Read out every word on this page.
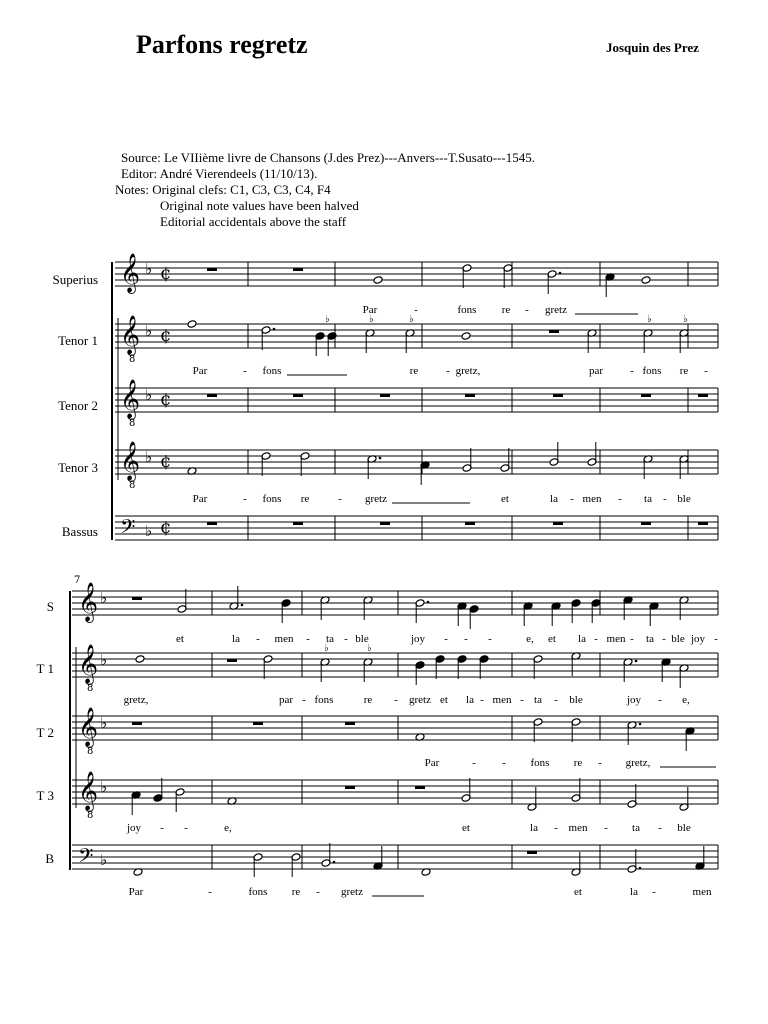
Parfons regretz	Josquin des Prez
Source: Le VIIième livre de Chansons (J.des Prez)---Anvers---T.Susato---1545.
Editor: André Vierendeels (11/10/13).
Notes: Original clefs: C1, C3, C3, C4, F4
Original note values have been halved
Editorial accidentals above the staff
Superius
Tenor 1
Tenor 2
Tenor 3
Bassus
S
T 1
T 2
T 3
B
𝄞 ♭ ¢
𝄞
8
♭ ¢
𝄞
8
♭ ¢
𝄞
8
♭ ¢
𝄢 ♭ ¢
♭	♭	♭	♭	♭
7
𝄞 ♭
𝄞
8
♭
𝄞
8
♭
𝄞
8
♭
𝄢 ♭
♭	♭
Par	-	fons re - gretz
Par	- fons	re	- gretz,	par - fons re -
Par	- fons re	- gretz	et	la - men - ta - ble
et	la - men - ta - ble	joy - - -	e, et la - men - ta - ble joy -
gretz,	par - fons	re - gretz et la - men - ta - ble	joy - e,
Par	- - fons re - gretz,
joy - -	e,	et	la - men - ta - ble
Par	-	fons re - gretz	et	la -	men
